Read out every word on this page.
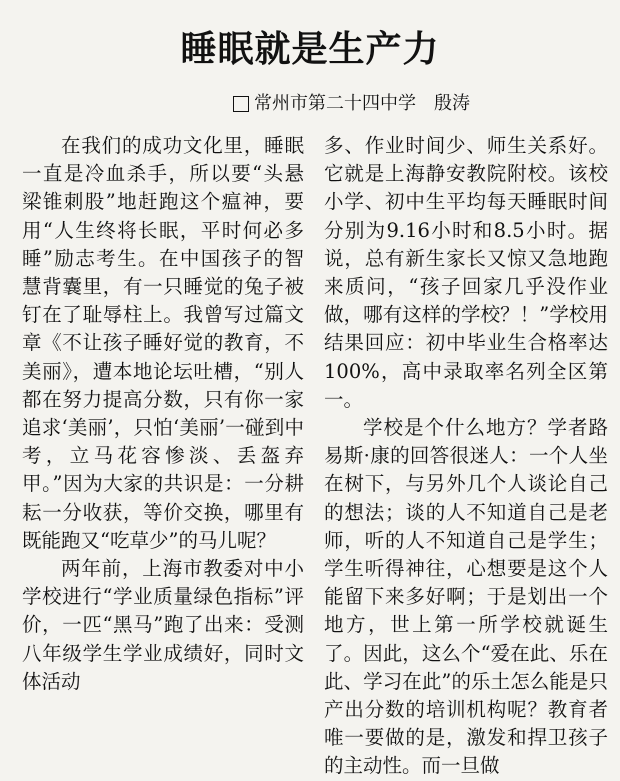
睡眠就是生产力
常州市第二十四中学 殷涛

在我们的成功文化里，睡眠一直是冷血杀手，所以要“头悬梁锥刺股”地赶跑这个瘟神，要用“人生终将长眠，平时何必多睡”励志考生。在中国孩子的智慧背囊里，有一只睡觉的兔子被钉在了耻辱柱上。我曾写过篇文章《不让孩子睡好觉的教育，不美丽》，遭本地论坛吐槽，“别人都在努力提高分数，只有你一家追求‘美丽’，只怕‘美丽’一碰到中考，立马花容惨淡、丢盔弃甲。”因为大家的共识是：一分耕耘一分收获，等价交换，哪里有既能跑又“吃草少”的马儿呢？

两年前，上海市教委对中小学校进行“学业质量绿色指标”评价，一匹“黑马”跑了出来：受测八年级学生学业成绩好，同时文体活动

多、作业时间少、师生关系好。它就是上海静安教院附校。该校小学、初中生平均每天睡眠时间分别为9.16小时和8.5小时。据说，总有新生家长又惊又急地跑来质问，“孩子回家几乎没作业做，哪有这样的学校？！”学校用结果回应：初中毕业生合格率达100%，高中录取率名列全区第一。

学校是个什么地方？学者路易斯·康的回答很迷人：一个人坐在树下，与另外几个人谈论自己的想法；谈的人不知道自己是老师，听的人不知道自己是学生；学生听得神往，心想要是这个人能留下来多好啊；于是划出一个地方，世上第一所学校就诞生了。因此，这么个“爱在此、乐在此、学习在此”的乐土怎么能是只产出分数的培训机构呢？教育者唯一要做的是，激发和捍卫孩子的主动性。而一旦做
